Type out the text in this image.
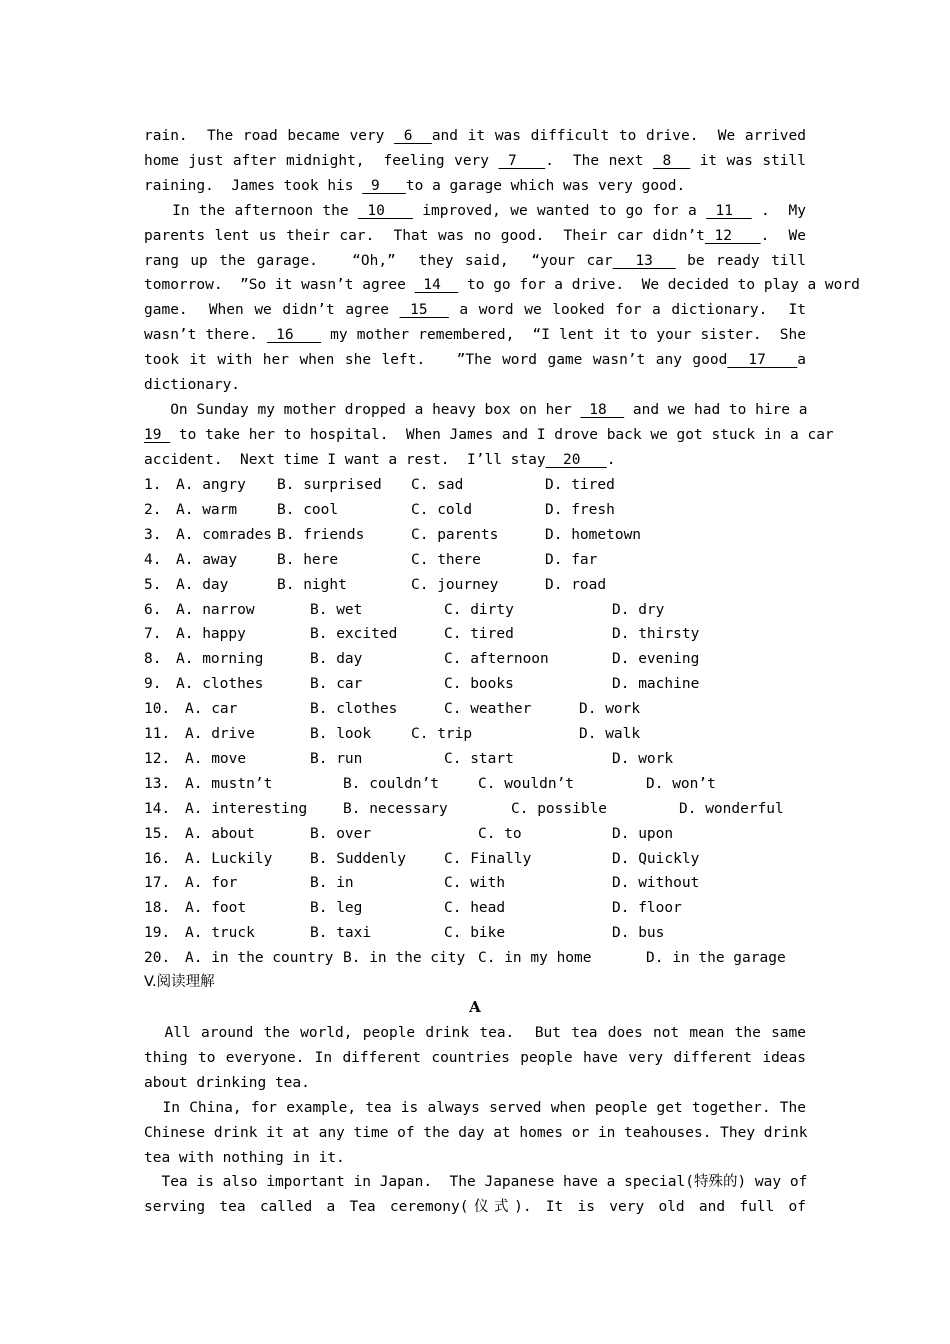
rain.  The road became very  6  and it was difficult to drive.  We arrived
home just after midnight,  feeling very  7   .  The next  8   it was still
raining.  James took his  9   to a garage which was very good.
In the afternoon the  10    improved, we wanted to go for a  11   .  My
parents lent us their car.  That was no good.  Their car didn’t 12   .  We
rang up the garage.   “Oh,”  they said,  “your car  13   be ready till
tomorrow.  ”So it wasn’t agree  14   to go for a drive.  We decided to play a word
game.  When we didn’t agree  15   a word we looked for a dictionary.  It
wasn’t there.  16    my mother remembered,  “I lent it to your sister.  She
took it with her when she left.   ”The word game wasn’t any good  17   a
dictionary.
On Sunday my mother dropped a heavy box on her  18   and we had to hire a
19  to take her to hospital.  When James and I drove back we got stuck in a car
accident.  Next time I want a rest.  I’ll stay  20   .
1. A. angry B. surprised C. sad	D. tired
2. A. warm	B. cool	C. cold	D. fresh
3. A. comrades B. friends	C. parents	D. hometown
4. A. away	B. here	C. there	D. far
5. A. day	B. night	C. journey	D. road
6. A. narrow	B. wet	C. dirty	D. dry
7. A. happy	B. excited	C. tired	D. thirsty
8. A. morning	B. day	C. afternoon	D. evening
9. A. clothes	B. car	C. books	D. machine
10. A. car	B. clothes	C. weather	D. work
11. A. drive	B. look	C. trip	D. walk
12. A. move	B. run	C. start	D. work
13. A. mustn’t	B. couldn’t	C. wouldn’t	D. won’t
14. A. interesting B. necessary	C. possible	D. wonderful
15. A. about	B. over	C. to	D. upon
16. A. Luckily	B. Suddenly	C. Finally	D. Quickly
17. A. for	B. in	C. with	D. without
18. A. foot	B. leg	C. head	D. floor
19. A. truck	B. taxi	C. bike	D. bus
20. A. in the country B. in the city C. in my home	D. in the garage
V.阅读理解
A
All around the world, people drink tea.  But tea does not mean the same
thing to everyone. In different countries people have very different ideas
about drinking tea.
In China, for example, tea is always served when people get together. The
Chinese drink it at any time of the day at homes or in teahouses. They drink
tea with nothing in it.
Tea is also important in Japan.  The Japanese have a special(特殊的) way of
serving tea called a Tea ceremony(仪式). It is very old and full of
